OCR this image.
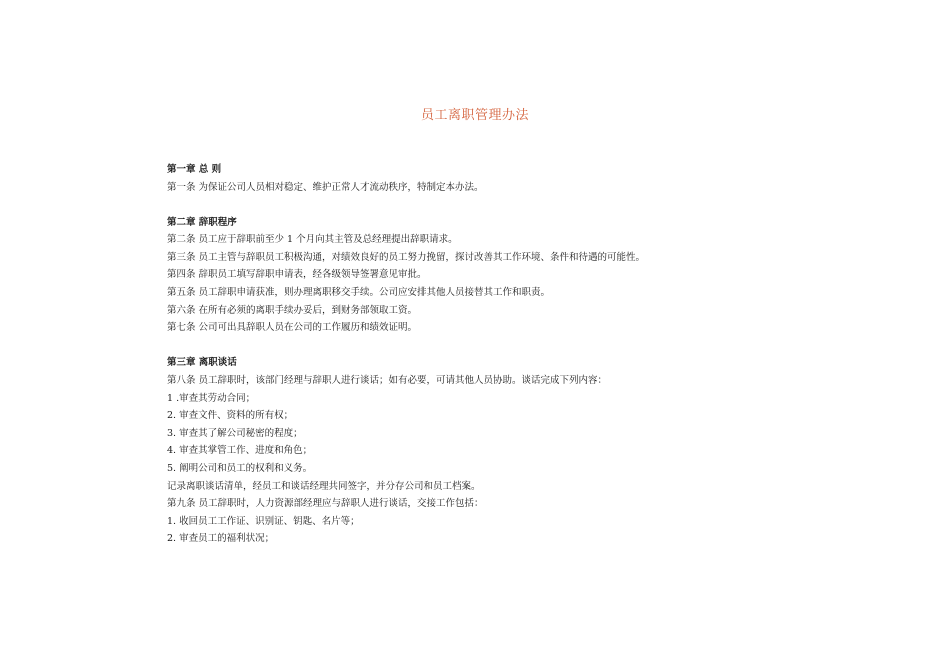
员工离职管理办法
第一章 总 则
第一条 为保证公司人员相对稳定、维护正常人才流动秩序，特制定本办法。
第二章 辞职程序
第二条 员工应于辞职前至少 1 个月向其主管及总经理提出辞职请求。
第三条 员工主管与辞职员工积极沟通，对绩效良好的员工努力挽留，探讨改善其工作环境、条件和待遇的可能性。
第四条 辞职员工填写辞职申请表，经各级领导签署意见审批。
第五条 员工辞职申请获准，则办理离职移交手续。公司应安排其他人员接替其工作和职责。
第六条 在所有必须的离职手续办妥后，到财务部领取工资。
第七条 公司可出具辞职人员在公司的工作履历和绩效证明。
第三章 离职谈话
第八条 员工辞职时，该部门经理与辞职人进行谈话；如有必要，可请其他人员协助。谈话完成下列内容：
1 .审查其劳动合同；
2. 审查文件、资料的所有权；
3. 审查其了解公司秘密的程度；
4. 审查其掌管工作、进度和角色；
5. 阐明公司和员工的权利和义务。
记录离职谈话清单，经员工和谈话经理共同签字，并分存公司和员工档案。
第九条 员工辞职时，人力资源部经理应与辞职人进行谈话，交接工作包括：
1. 收回员工工作证、识别证、钥匙、名片等；
2. 审查员工的福利状况；
